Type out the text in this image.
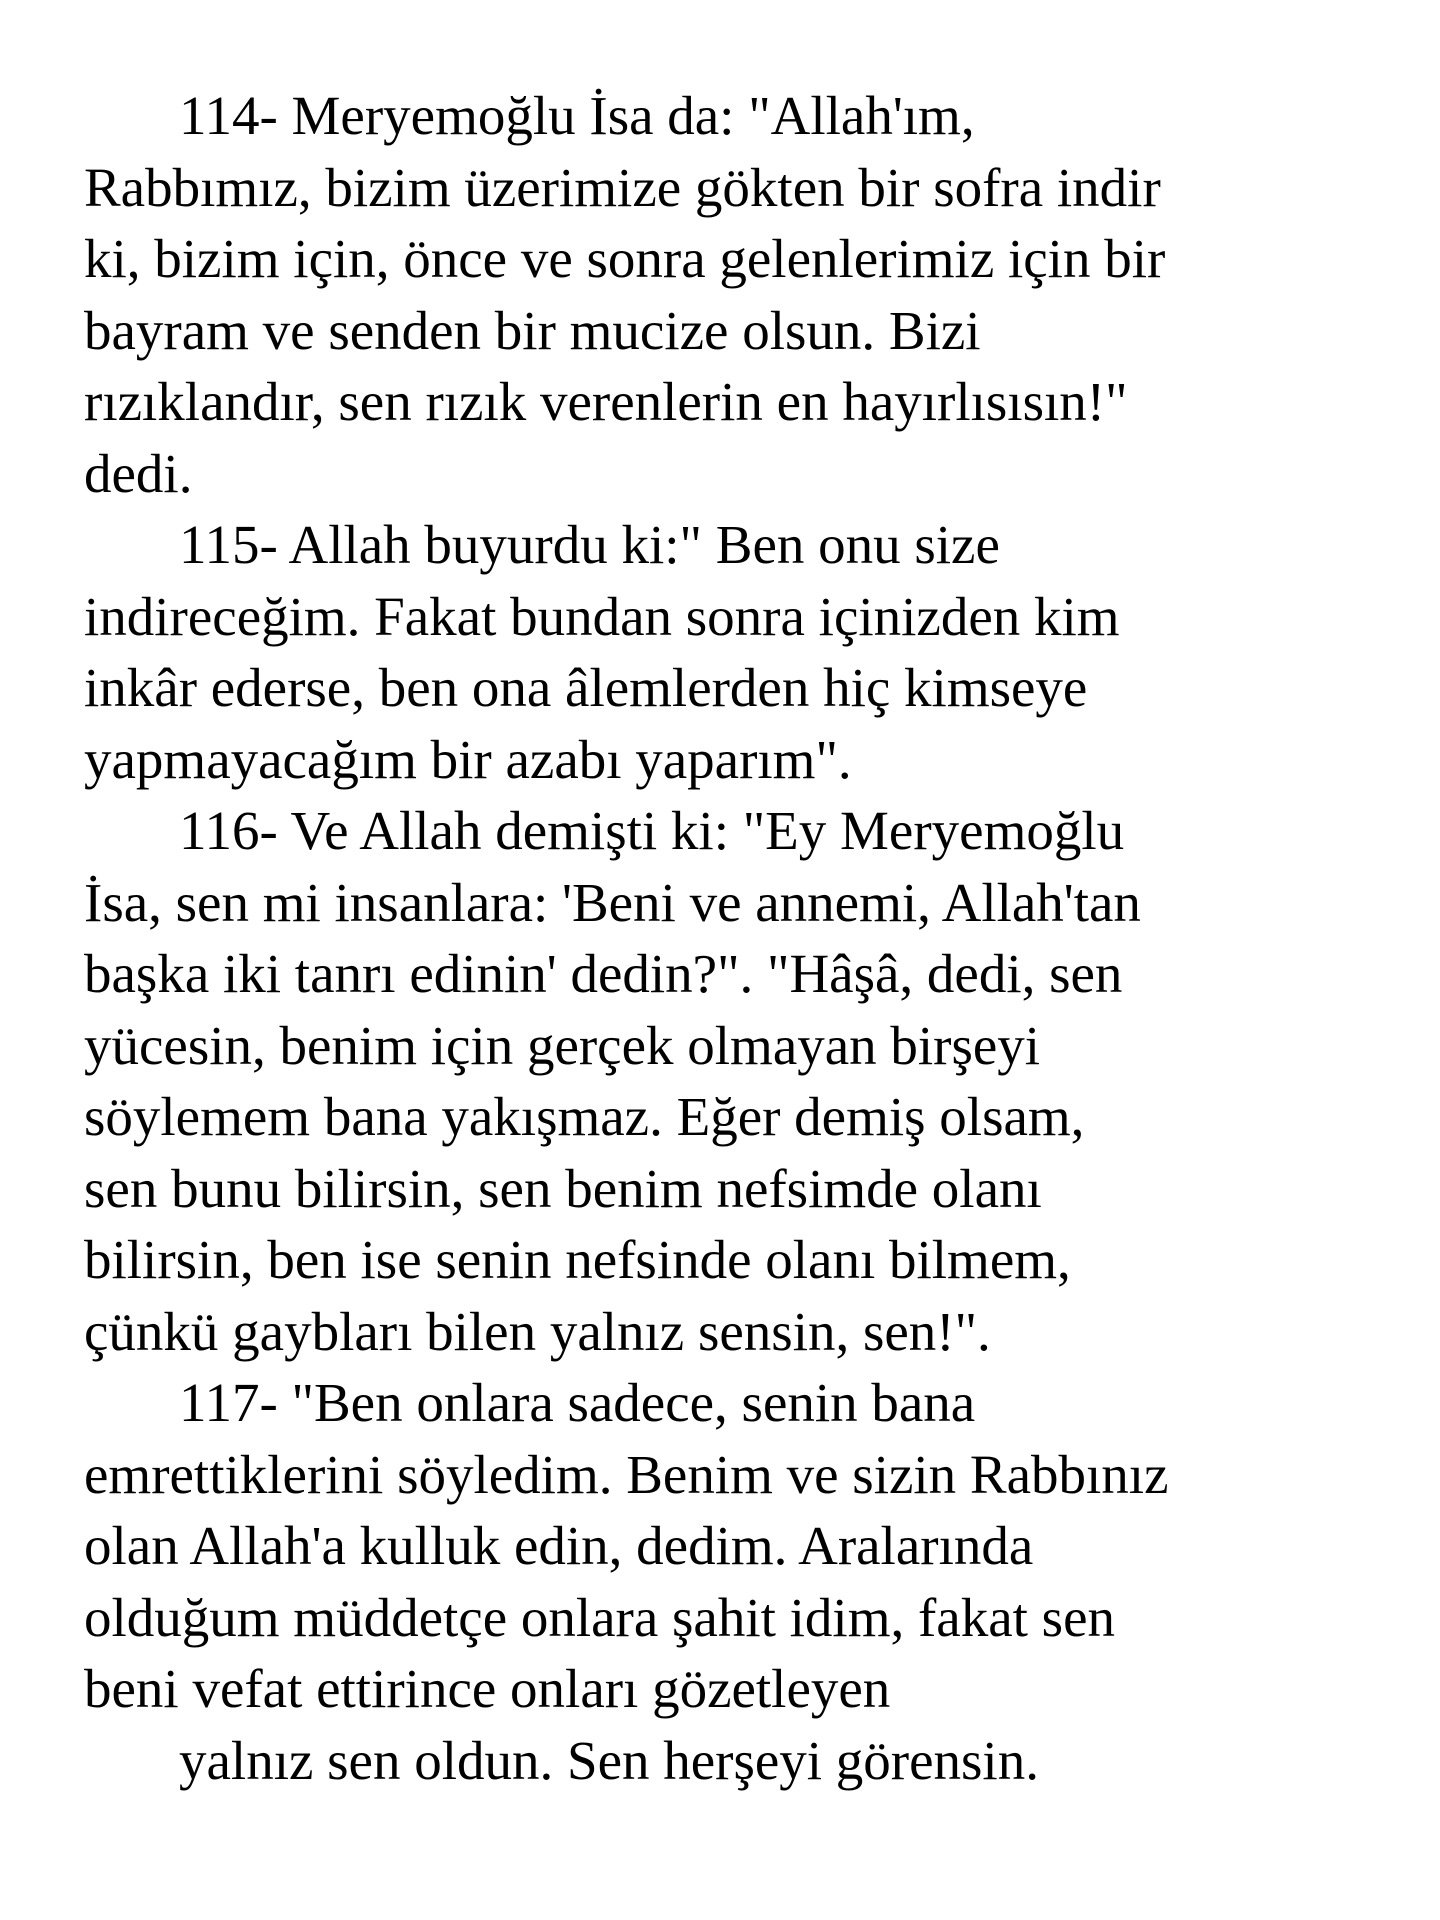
114- Meryemoğlu İsa da: "Allah'ım,
Rabbımız, bizim üzerimize gökten bir sofra indir
ki, bizim için, önce ve sonra gelenlerimiz için bir
bayram ve senden bir mucize olsun. Bizi
rızıklandır, sen rızık verenlerin en hayırlısısın!"
dedi.
115- Allah buyurdu ki:" Ben onu size
indireceğim. Fakat bundan sonra içinizden kim
inkâr ederse, ben ona âlemlerden hiç kimseye
yapmayacağım bir azabı yaparım".
116- Ve Allah demişti ki: "Ey Meryemoğlu
İsa, sen mi insanlara: 'Beni ve annemi, Allah'tan
başka iki tanrı edinin' dedin?". "Hâşâ, dedi, sen
yücesin, benim için gerçek olmayan birşeyi
söylemem bana yakışmaz. Eğer demiş olsam,
sen bunu bilirsin, sen benim nefsimde olanı
bilirsin, ben ise senin nefsinde olanı bilmem,
çünkü gaybları bilen yalnız sensin, sen!".
117- "Ben onlara sadece, senin bana
emrettiklerini söyledim. Benim ve sizin Rabbınız
olan Allah'a kulluk edin, dedim. Aralarında
olduğum müddetçe onlara şahit idim, fakat sen
beni vefat ettirince onları gözetleyen
yalnız sen oldun. Sen herşeyi görensin.
